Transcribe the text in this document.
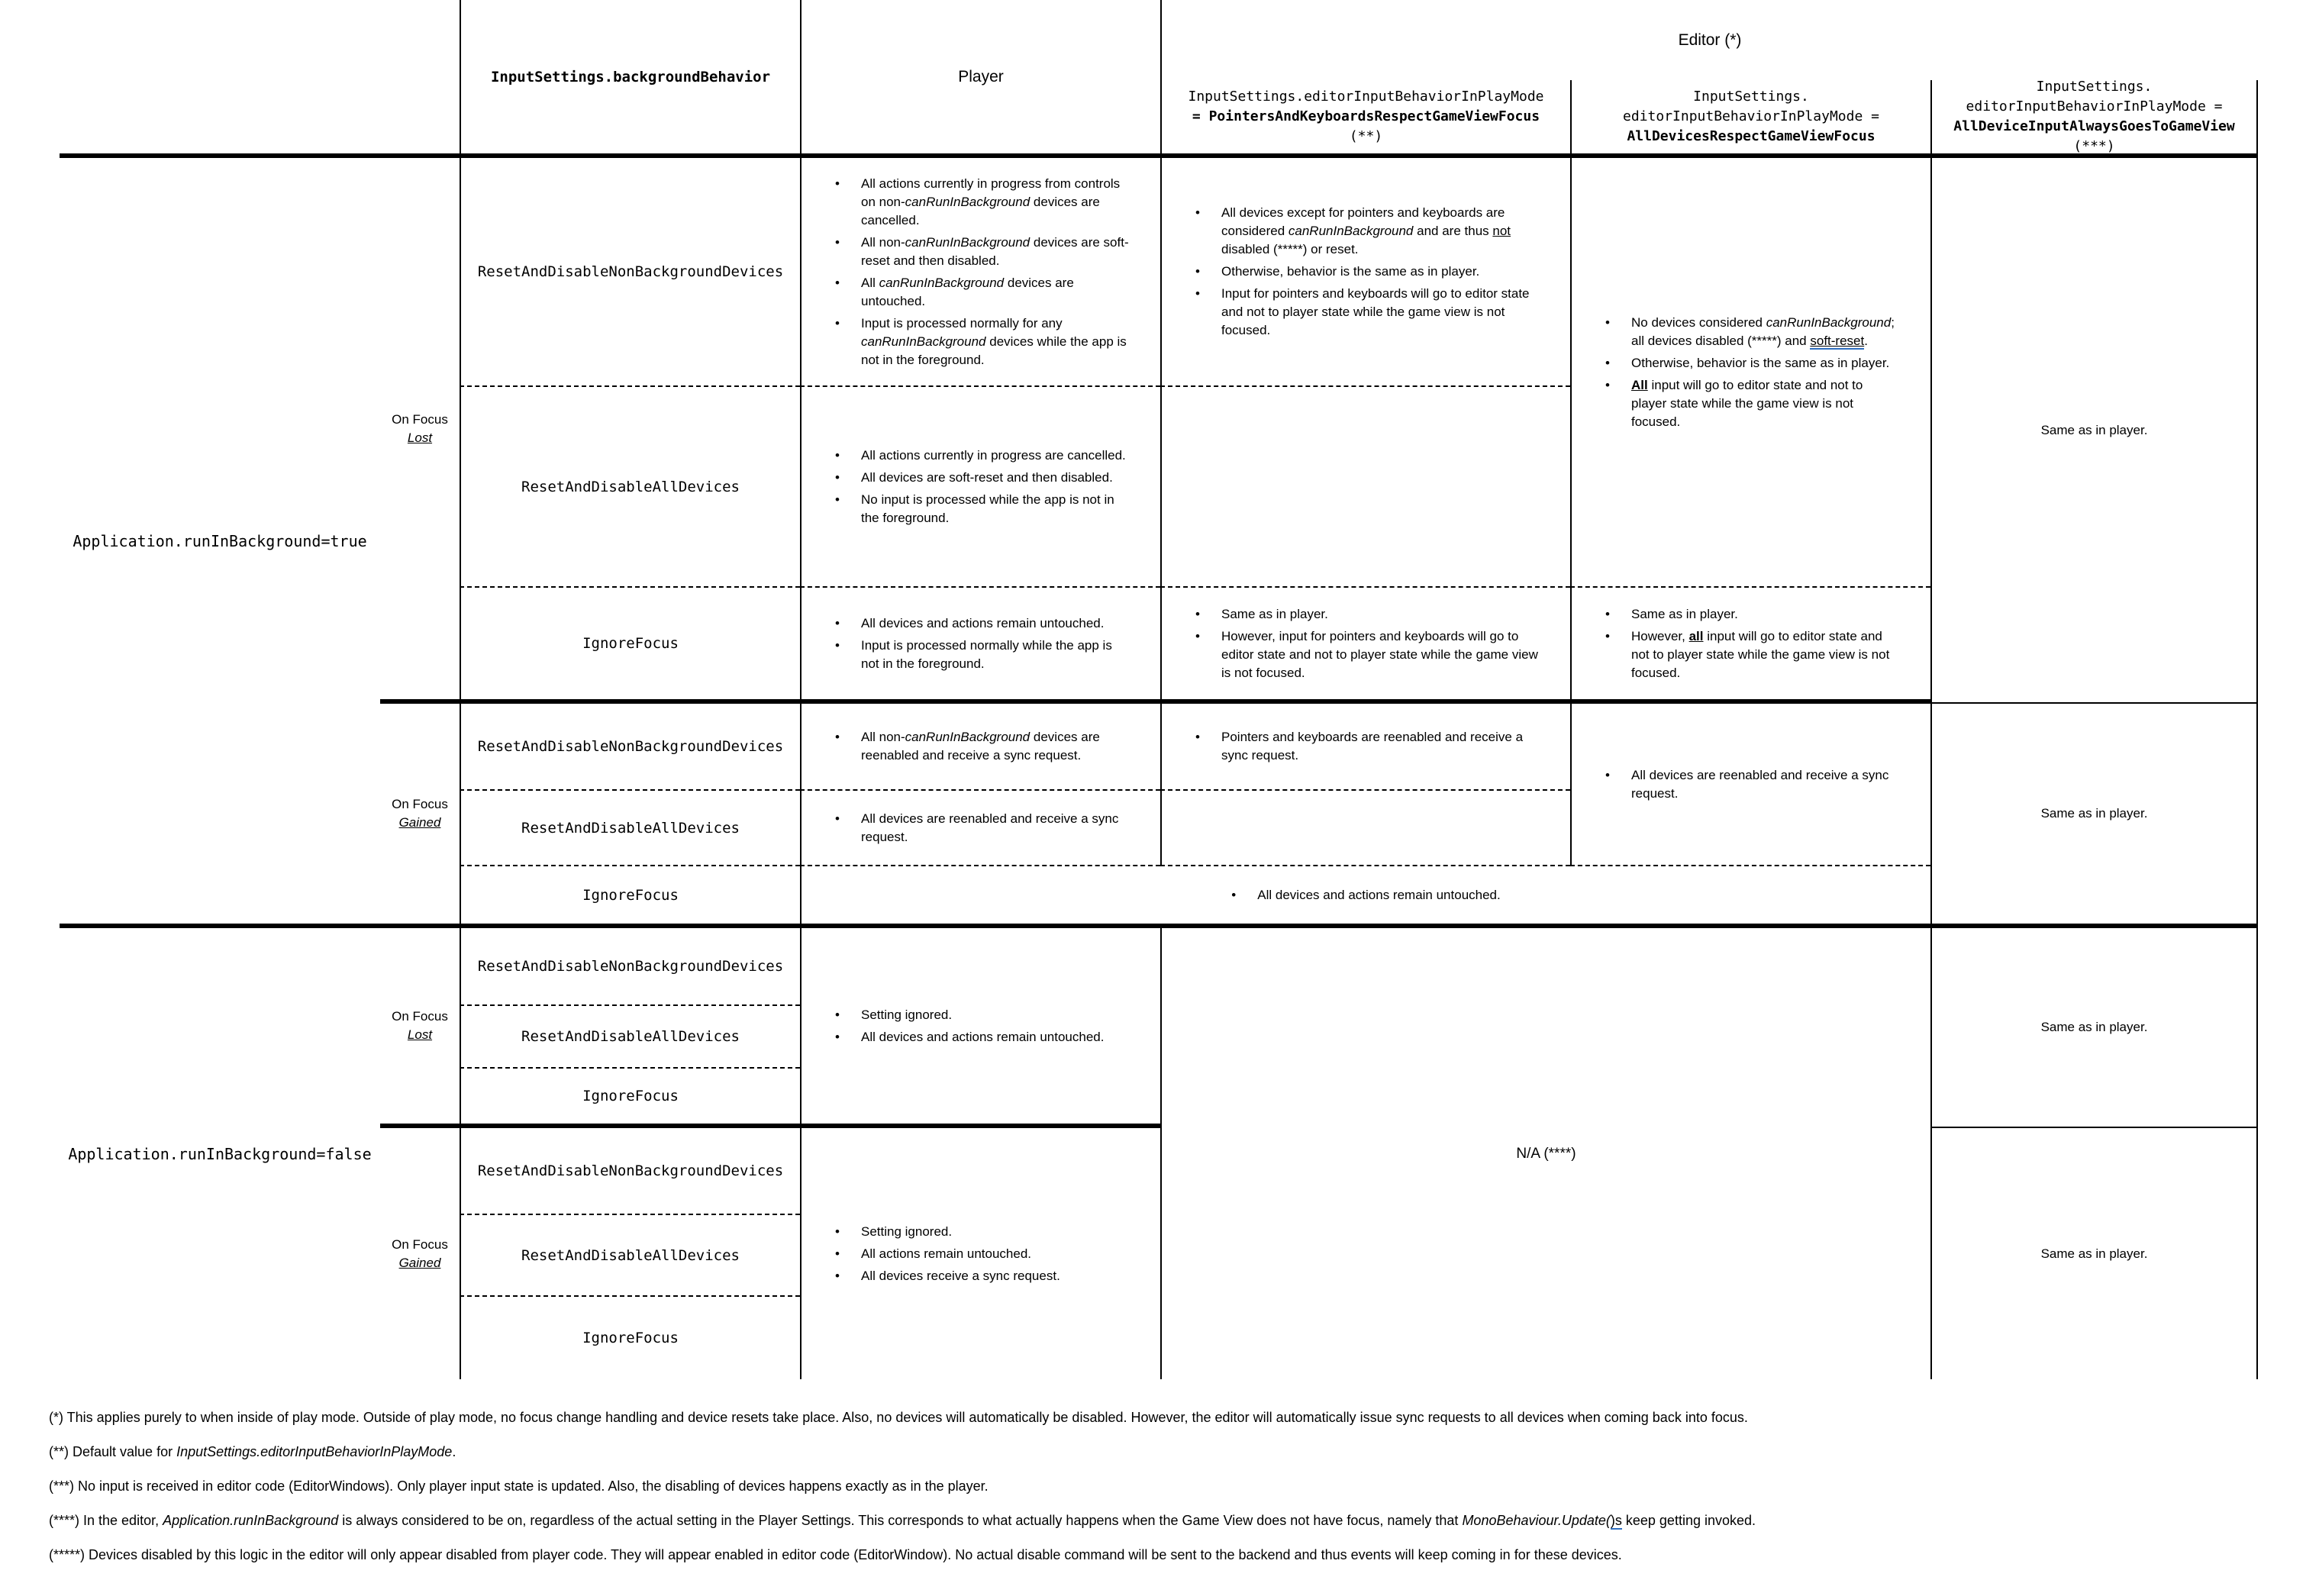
Editor (*)
InputSettings.backgroundBehavior	Player
InputSettings.editorInputBehaviorInPlayMode
= PointersAndKeyboardsRespectGameViewFocus
(**)
InputSettings.
editorInputBehaviorInPlayMode =
AllDevicesRespectGameViewFocus
InputSettings.
editorInputBehaviorInPlayMode =
AllDeviceInputAlwaysGoesToGameView
(***)
Application.runInBackground=true
On Focus
Lost
On Focus
Gained
Application.runInBackground=false
On Focus
Lost
On Focus
Gained
ResetAndDisableNonBackgroundDevices
ResetAndDisableAllDevices
IgnoreFocus
ResetAndDisableNonBackgroundDevices
ResetAndDisableAllDevices
IgnoreFocus
ResetAndDisableNonBackgroundDevices
ResetAndDisableAllDevices
IgnoreFocus
ResetAndDisableNonBackgroundDevices
ResetAndDisableAllDevices
IgnoreFocus
• All actions currently in progress from controls on non-canRunInBackground devices are cancelled.
• All non-canRunInBackground devices are soft-reset and then disabled.
• All canRunInBackground devices are untouched.
• Input is processed normally for any canRunInBackground devices while the app is not in the foreground.
• All actions currently in progress are cancelled.
• All devices are soft-reset and then disabled.
• No input is processed while the app is not in the foreground.
• All devices and actions remain untouched.
• Input is processed normally while the app is not in the foreground.
• All non-canRunInBackground devices are reenabled and receive a sync request.
• All devices are reenabled and receive a sync request.
• All devices and actions remain untouched.
• Setting ignored.
• All devices and actions remain untouched.
• Setting ignored.
• All actions remain untouched.
• All devices receive a sync request.
• All devices except for pointers and keyboards are considered canRunInBackground and are thus not disabled (*****) or reset.
• Otherwise, behavior is the same as in player.
• Input for pointers and keyboards will go to editor state and not to player state while the game view is not focused.
• Same as in player.
• However, input for pointers and keyboards will go to editor state and not to player state while the game view is not focused.
• Pointers and keyboards are reenabled and receive a sync request.
• No devices considered canRunInBackground; all devices disabled (*****) and soft-reset.
• Otherwise, behavior is the same as in player.
• All input will go to editor state and not to player state while the game view is not focused.
• Same as in player.
• However, all input will go to editor state and not to player state while the game view is not focused.
• All devices are reenabled and receive a sync request.
N/A (****)
Same as in player.
Same as in player.
Same as in player.
Same as in player.

(*) This applies purely to when inside of play mode. Outside of play mode, no focus change handling and device resets take place. Also, no devices will automatically be disabled. However, the editor will automatically issue sync requests to all devices when coming back into focus.

(**) Default value for InputSettings.editorInputBehaviorInPlayMode.

(***) No input is received in editor code (EditorWindows). Only player input state is updated. Also, the disabling of devices happens exactly as in the player.

(****) In the editor, Application.runInBackground is always considered to be on, regardless of the actual setting in the Player Settings. This corresponds to what actually happens when the Game View does not have focus, namely that MonoBehaviour.Update()s keep getting invoked.

(*****) Devices disabled by this logic in the editor will only appear disabled from player code. They will appear enabled in editor code (EditorWindow). No actual disable command will be sent to the backend and thus events will keep coming in for these devices.
